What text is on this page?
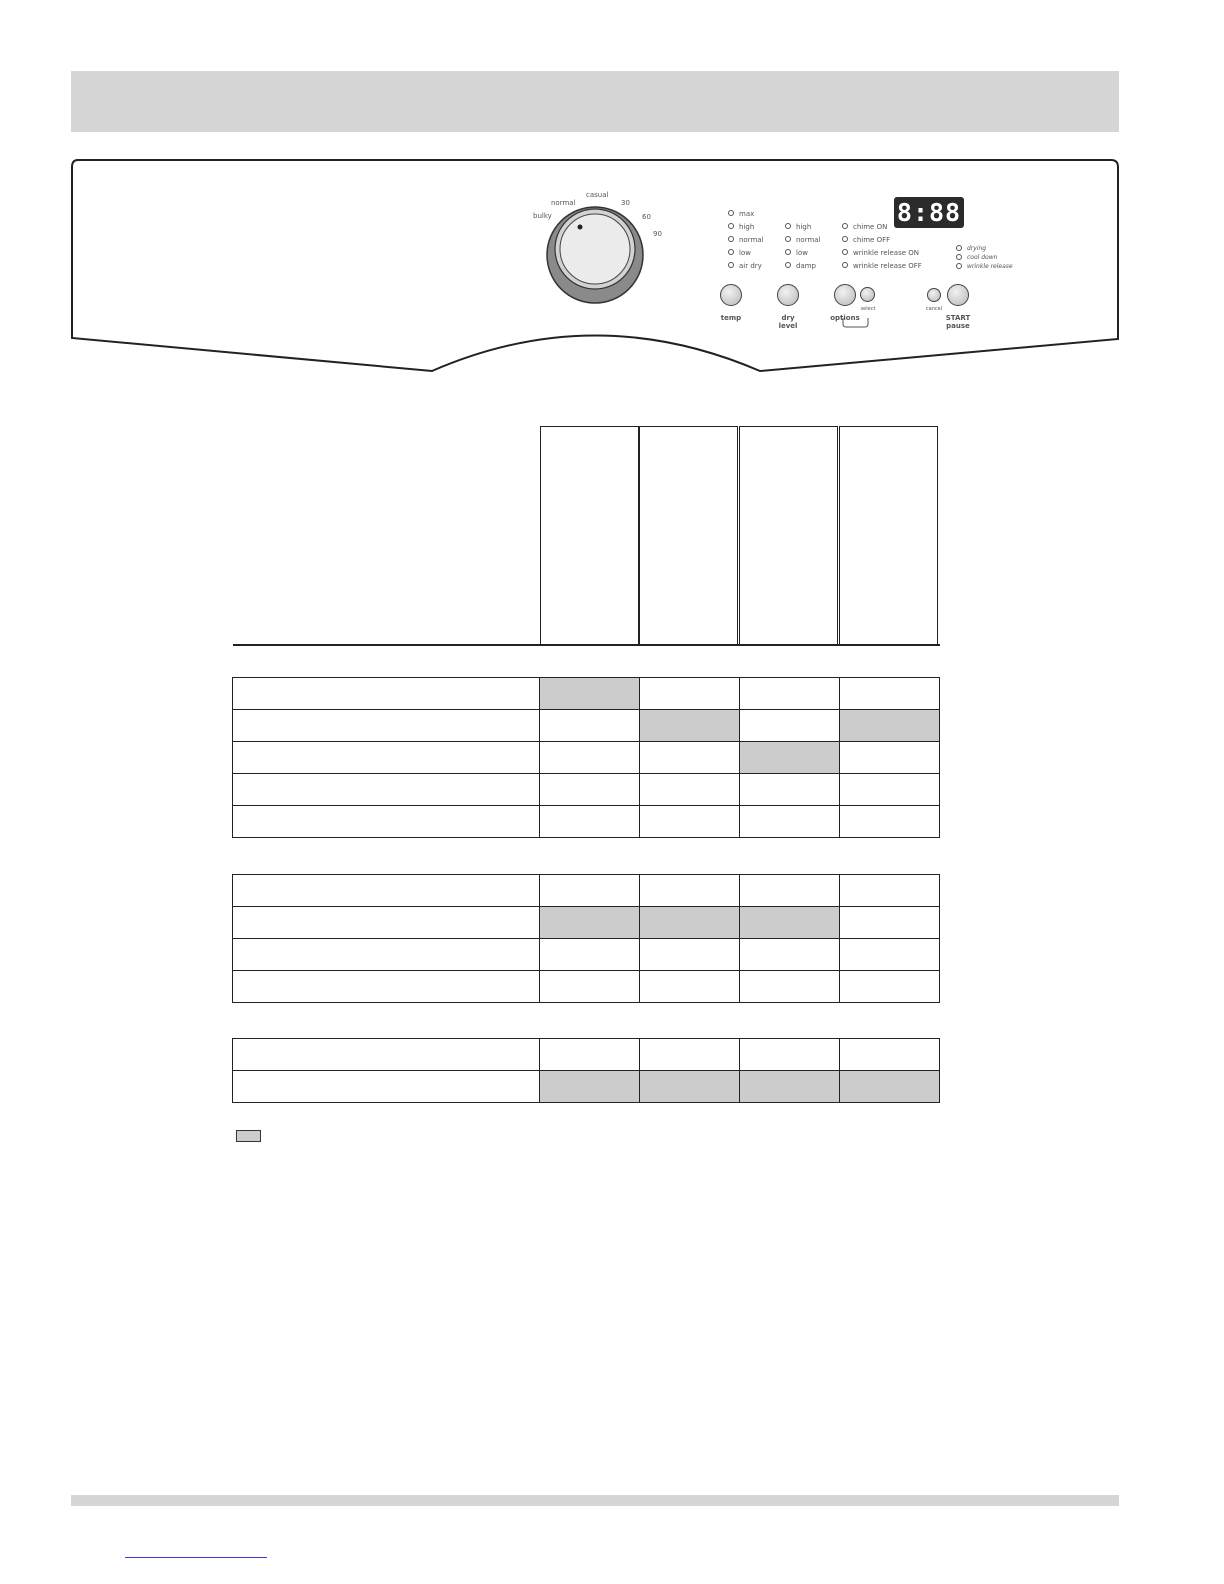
bulky
normal
casual
30
60
90
max
high
normal
low
air dry
high
normal
low
damp
chime ON
chime OFF
wrinkle release ON
wrinkle release OFF
8:88
drying
cool down
wrinkle release
temp	dry
level
options
select	cancel
START
pause
